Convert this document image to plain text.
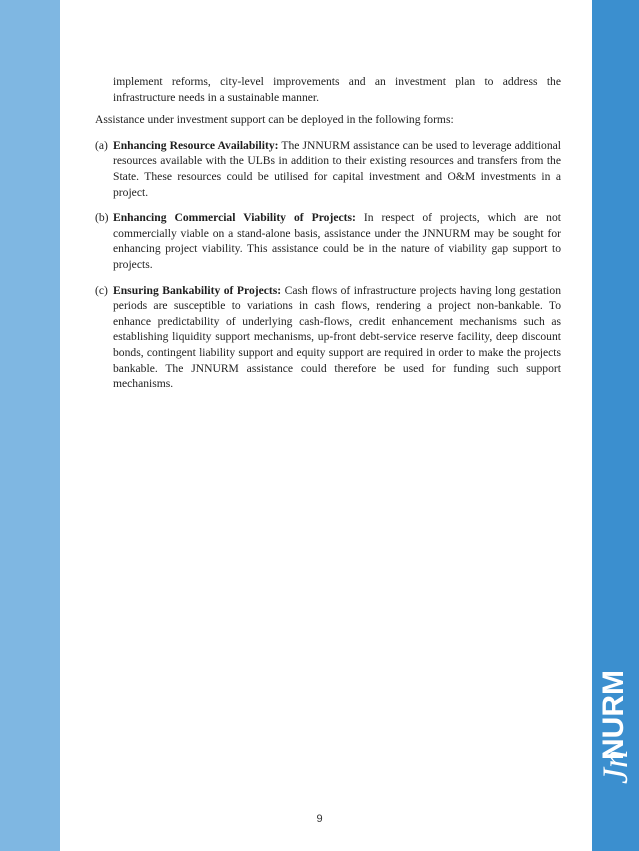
implement reforms, city-level improvements and an investment plan to address the infrastructure needs in a sustainable manner.

Assistance under investment support can be deployed in the following forms:

(a) Enhancing Resource Availability: The JNNURM assistance can be used to leverage additional resources available with the ULBs in addition to their existing resources and transfers from the State. These resources could be utilised for capital investment and O&M investments in a project.

(b) Enhancing Commercial Viability of Projects: In respect of projects, which are not commercially viable on a stand-alone basis, assistance under the JNNURM may be sought for enhancing project viability. This assistance could be in the nature of viability gap support to projects.

(c) Ensuring Bankability of Projects: Cash flows of infrastructure projects having long gestation periods are susceptible to variations in cash flows, rendering a project non-bankable. To enhance predictability of underlying cash-flows, credit enhancement mechanisms such as establishing liquidity support mechanisms, up-front debt-service reserve facility, deep discount bonds, contingent liability support and equity support are required in order to make the projects bankable. The JNNURM assistance could therefore be used for funding such support mechanisms.

9
NURM
Jn
